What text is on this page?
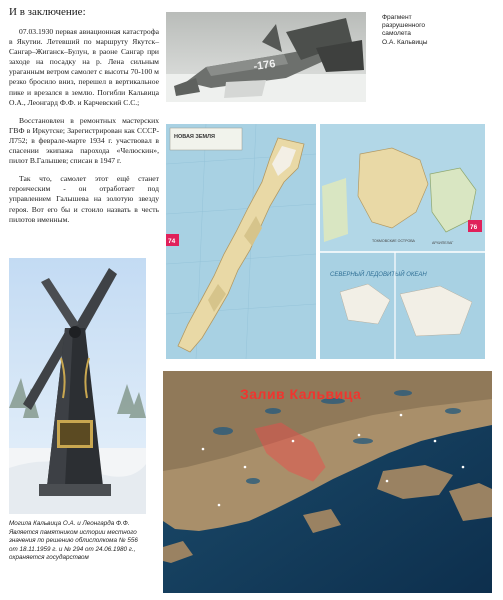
И в заключение:

07.03.1930 первая авиационная катастрофа в Якутии. Летевший по маршруту Якутск–Сангар–Жиганск–Булун, в раоне Сангар при заходе на посадку на р. Лена сильным ураганным ветром самолет с высоты 70-100 м резко бросило вниз, перешел в вертикальное пике и врезался в землю. Погибли Кальвица О.А., Леонгард Ф.Ф. и Карчевский С.С.;

Восстановлен в ремонтных мастерских ГВФ в Иркутске; Зарегистрирован как СССР-Л752; в феврале-марте 1934 г. участвовал в спасении экипажа парохода «Челюскин», пилот В.Галышев; списан в 1947 г.

Так что, самолет этот ещё станет героическим - он отработает под управлением Галышева на золотую звезду героя. Вот его бы и стоило назвать в честь пилотов именным.

-176
Фрагмент
разрушенного
самолета
О.А. Кальвицы
НОВАЯ ЗЕМЛЯ
74
76
ТОКМОВСКИЕ ОСТРОВА	АРХИПЕЛАГ
СЕВЕРНЫЙ ЛЕДОВИТЫЙ ОКЕАН
Могила Кальвица О.А. и Леонгарда Ф.Ф. Является памятником истории местного значения по решению облисполкома № 556 от 18.11.1959 г. и № 294 от 24.06.1980 г., охраняется государством
Залив Кальвица
